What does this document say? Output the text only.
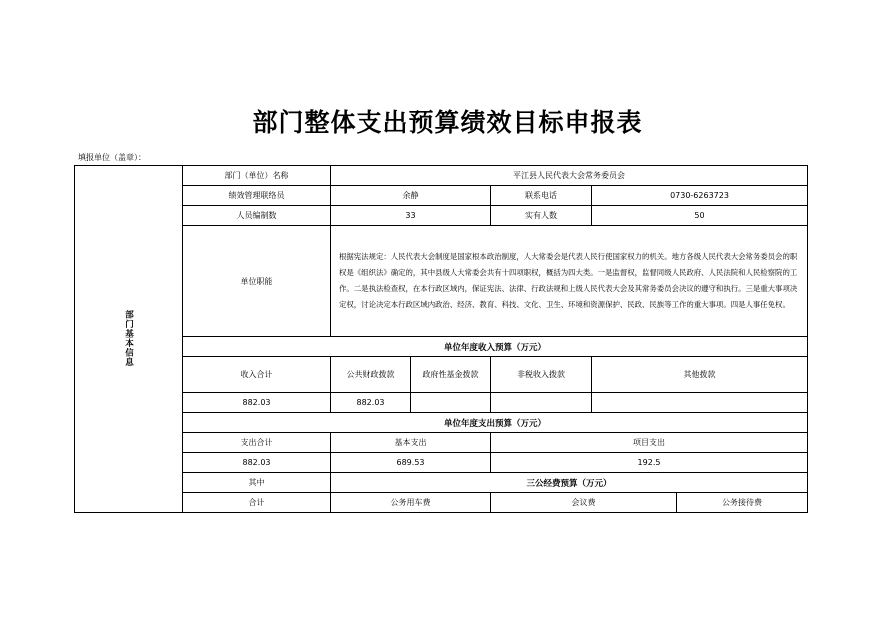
部门整体支出预算绩效目标申报表
填报单位（盖章）：
部门基本信息	部门（单位）名称	平江县人民代表大会常务委员会				
	绩效管理联络员	余静		联系电话	0730-6263723	
	人员编制数	33		实有人数	50	
	单位职能	根据宪法规定：人民代表大会制度是国家根本政治制度，人大常委会是代表人民行使国家权力的机关。地方各级人民代表大会常务委员会的职权是《组织法》确定的，其中县级人大常委会共有十四项职权，概括为四大类。一是监督权，监督同级人民政府、人民法院和人民检察院的工作。二是执法检查权，在本行政区域内，保证宪法、法律、行政法规和上级人民代表大会及其常务委员会决议的遵守和执行。三是重大事项决定权，讨论决定本行政区域内政治、经济、教育、科技、文化、卫生、环境和资源保护、民政、民族等工作的重大事项。四是人事任免权。				
	单位年度收入预算（万元）					
	收入合计	公共财政拨款	政府性基金拨款	非税收入拨款	其他拨款	
	882.03	882.03				
	单位年度支出预算（万元）					
	支出合计	基本支出		项目支出		
	882.03	689.53		192.5		
	其中	三公经费预算（万元）				
	合计	公务用车费		会议费		公务接待费
